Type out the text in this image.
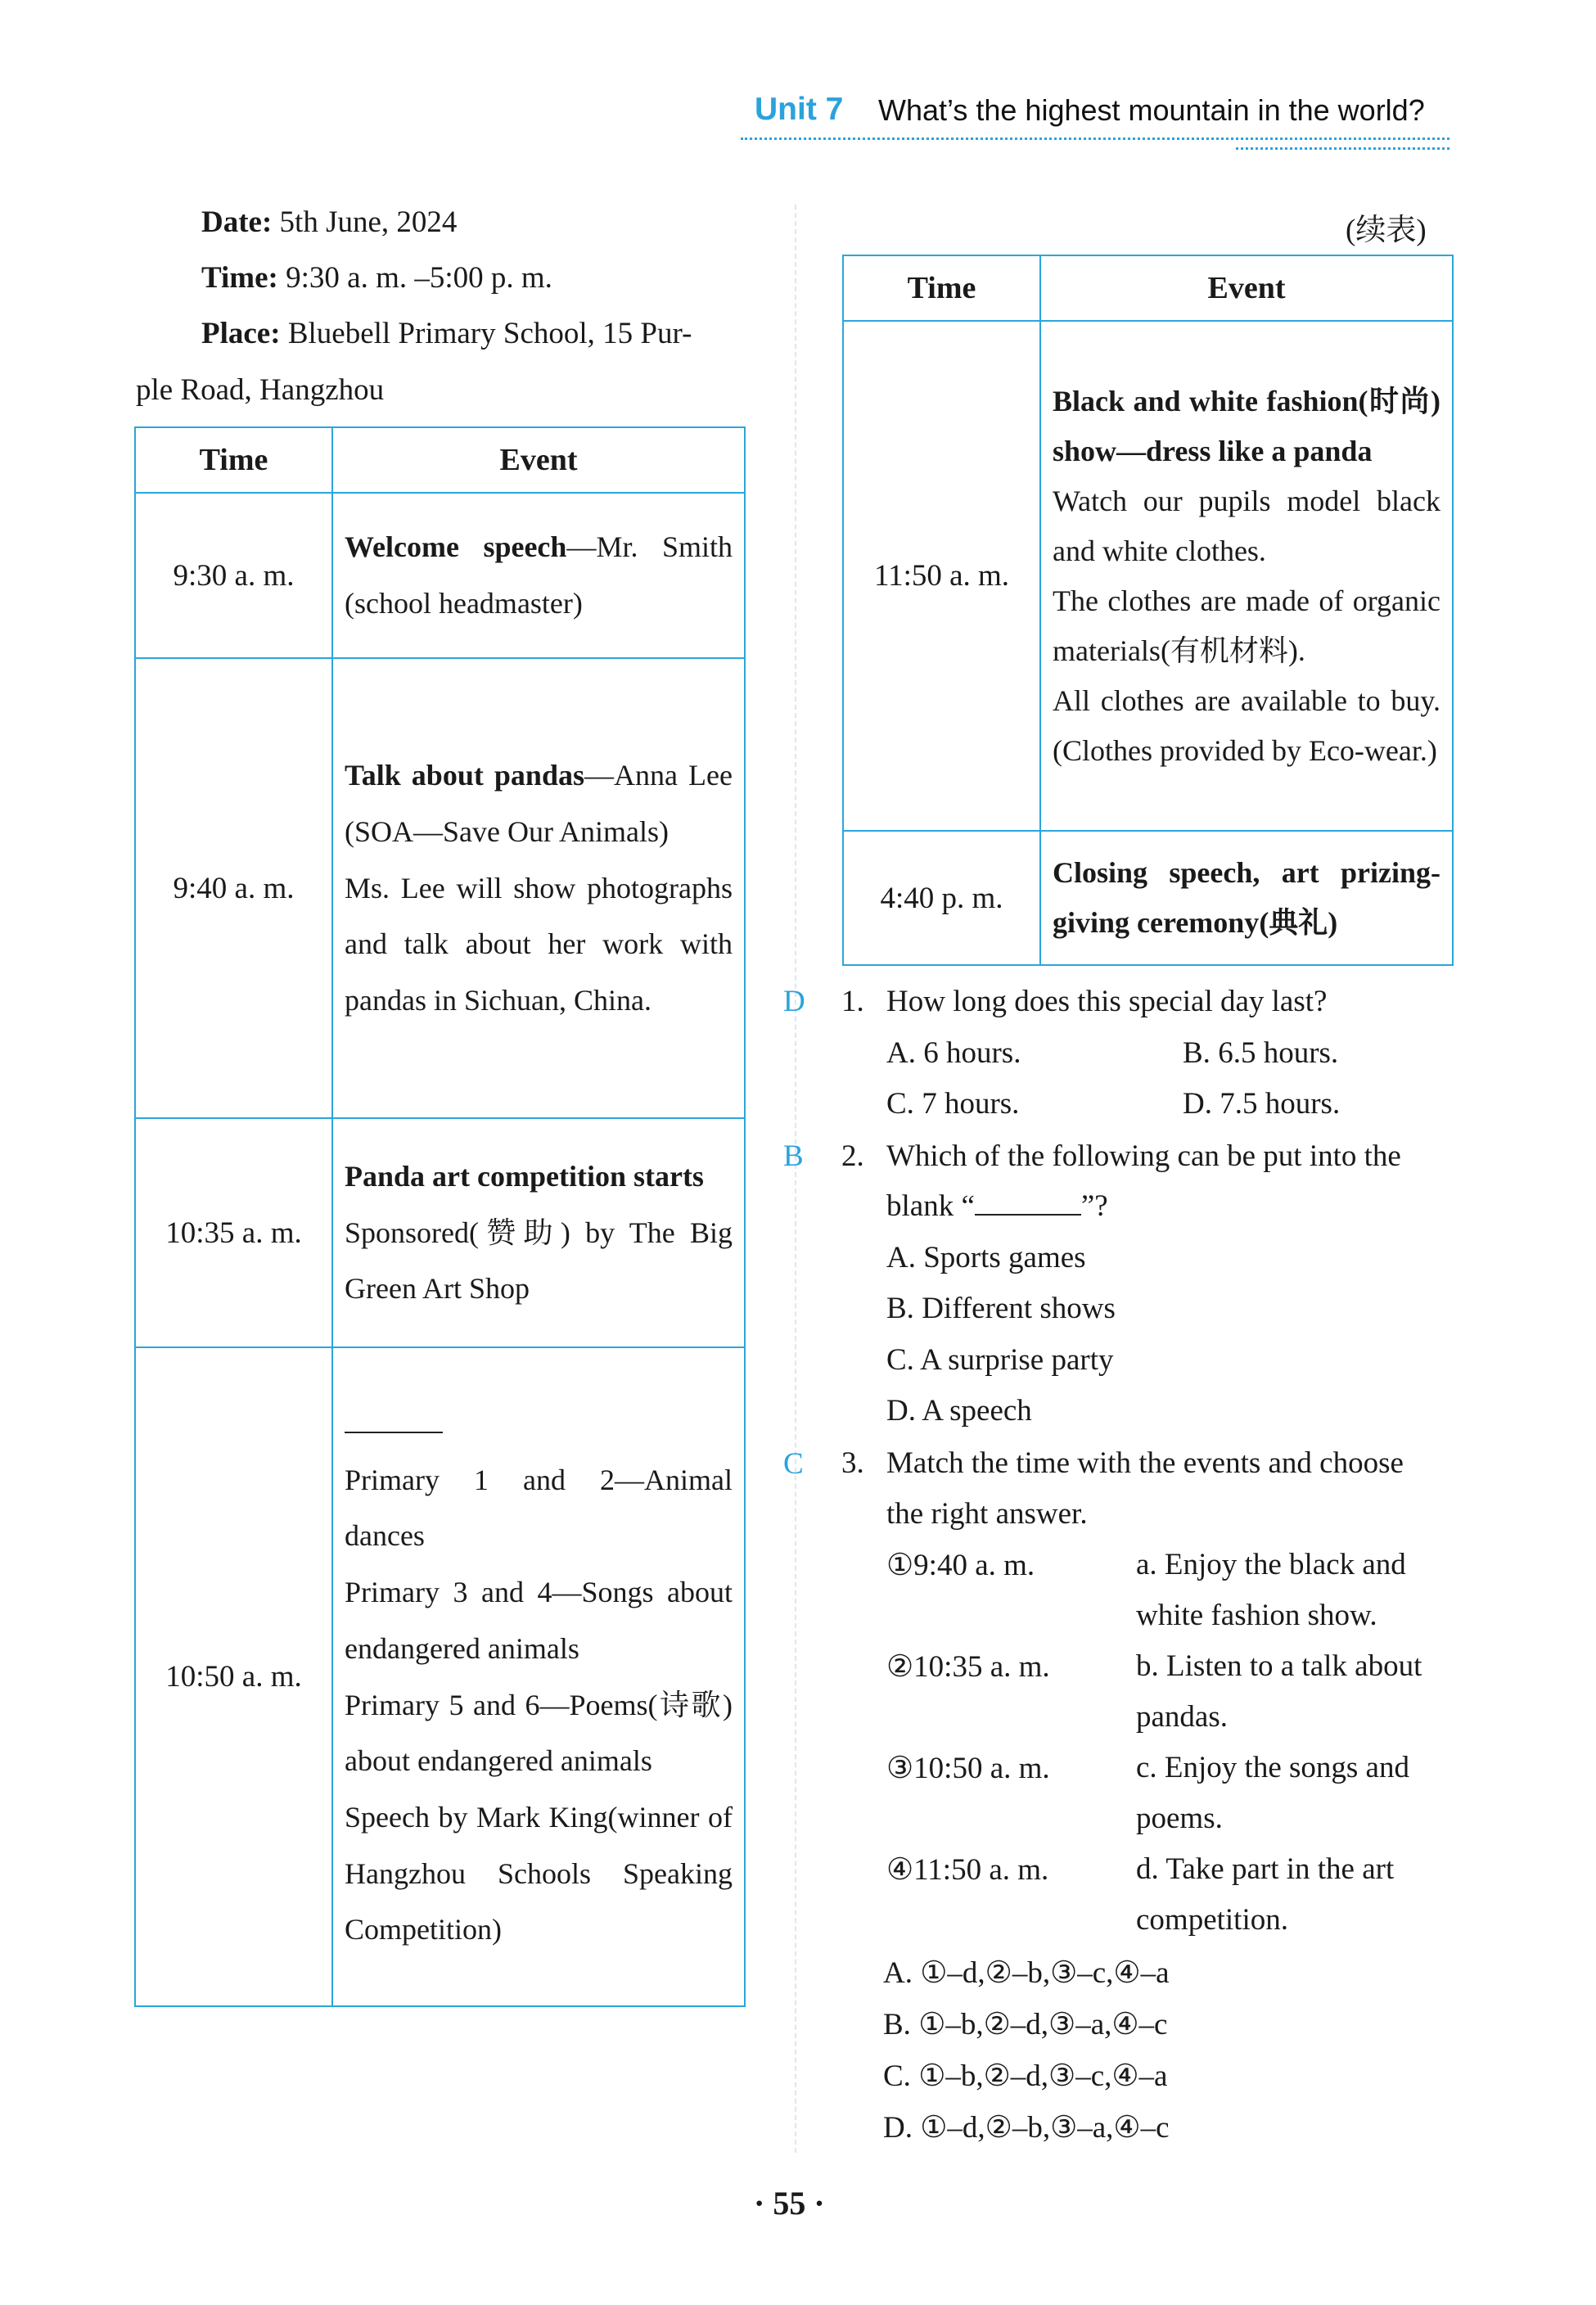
Unit 7 What’s the highest mountain in the world?
Date: 5th June, 2024
Time: 9:30 a. m. –5:00 p. m.
Place: Bluebell Primary School, 15 Pur-
ple Road, Hangzhou
Time	Event
9:30 a. m.	Welcome speech—Mr. Smith (school headmaster)
9:40 a. m.	Talk about pandas—Anna Lee (SOA—Save Our Animals)
Ms. Lee will show photographs and talk about her work with pandas in Sichuan, China.
10:35 a. m.	Panda art competition starts
Sponsored(赞助) by The Big Green Art Shop
10:50 a. m.	Primary 1 and 2—Animal dances
Primary 3 and 4—Songs about endangered animals
Primary 5 and 6—Poems(诗歌) about endangered animals
Speech by Mark King(winner of Hangzhou Schools Speaking Competition)
(续表)
Time	Event
11:50 a. m.	Black and white fashion(时尚) show—dress like a panda
Watch our pupils model black and white clothes.
The clothes are made of organic materials(有机材料).
All clothes are available to buy. (Clothes provided by Eco-wear.)
4:40 p. m.	Closing speech, art prizing-giving ceremony(典礼)
D 1. How long does this special day last?
A. 6 hours.	B. 6.5 hours.
C. 7 hours.	D. 7.5 hours.
B 2. Which of the following can be put into the
blank “	”?
A. Sports games
B. Different shows
C. A surprise party
D. A speech
C 3. Match the time with the events and choose
the right answer.
①9:40 a. m.	a. Enjoy the black and
white fashion show.
②10:35 a. m.	b. Listen to a talk about
pandas.
③10:50 a. m.	c. Enjoy the songs and
poems.
④11:50 a. m.	d. Take part in the art
competition.
A. ①–d,②–b,③–c,④–a
B. ①–b,②–d,③–a,④–c
C. ①–b,②–d,③–c,④–a
D. ①–d,②–b,③–a,④–c
· 55 ·
